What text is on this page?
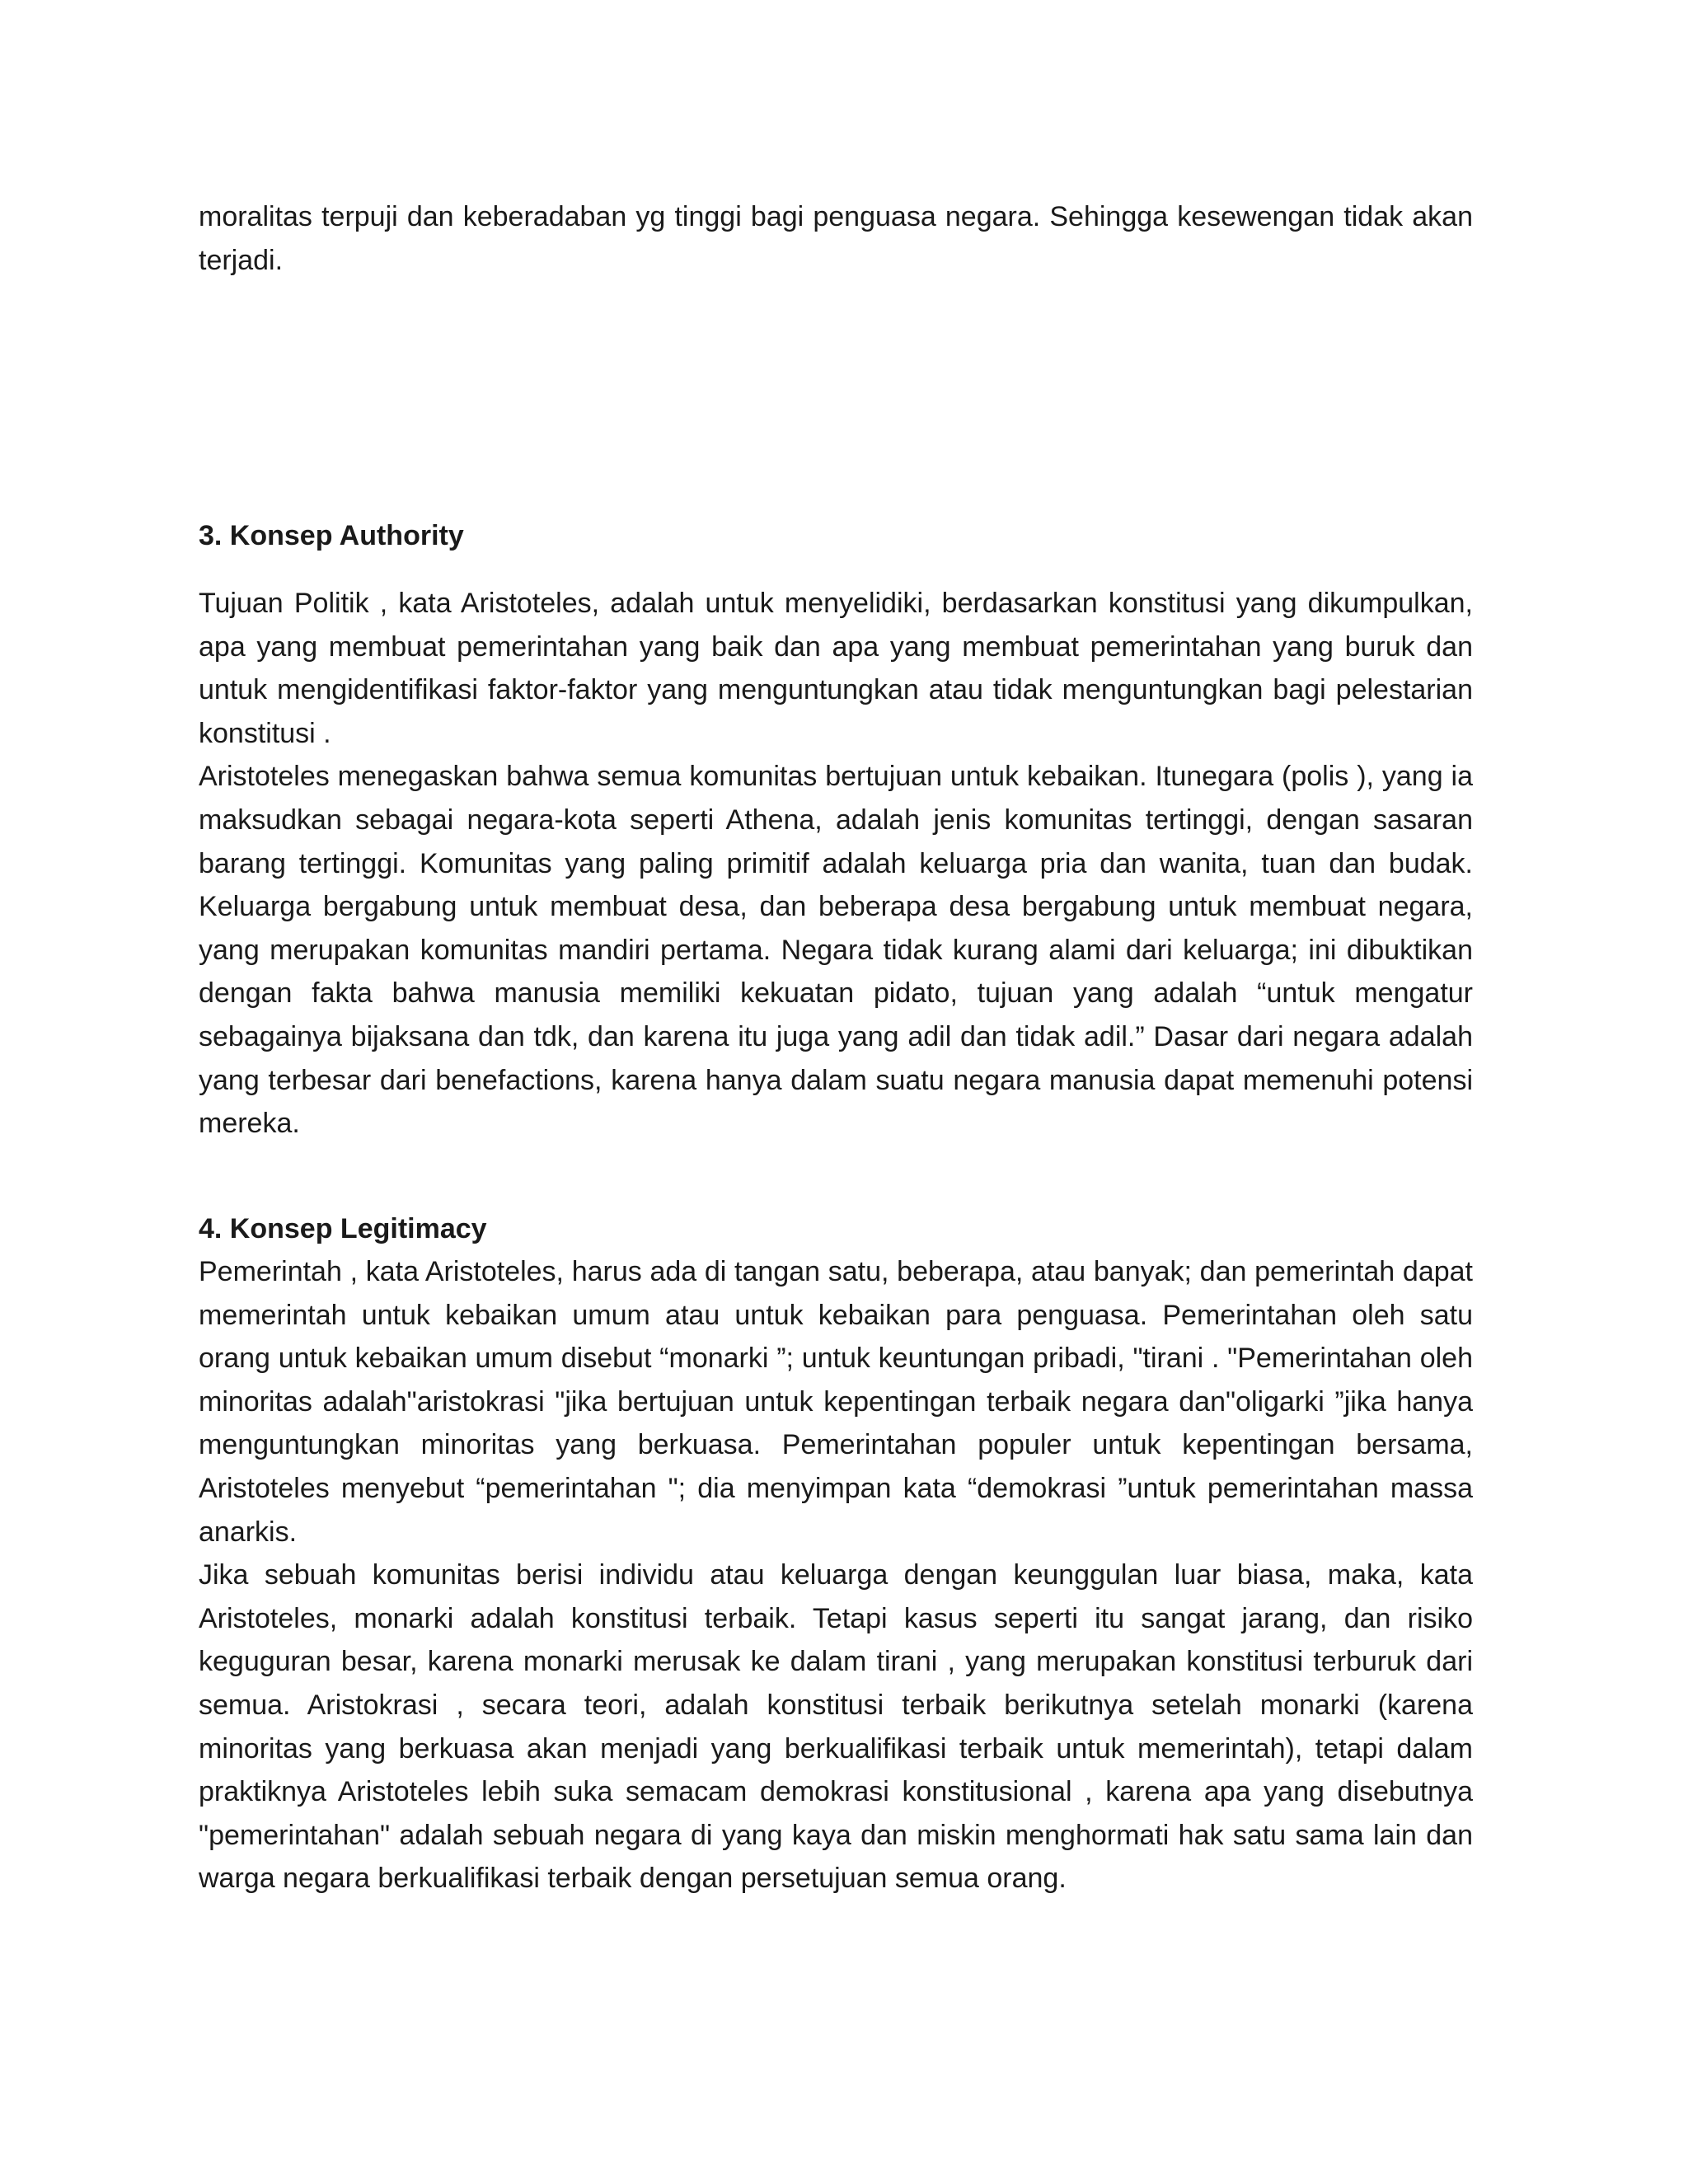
moralitas terpuji dan keberadaban yg tinggi bagi penguasa negara. Sehingga kesewengan tidak akan terjadi.

3. Konsep Authority

Tujuan Politik , kata Aristoteles, adalah untuk menyelidiki, berdasarkan konstitusi yang dikumpulkan, apa yang membuat pemerintahan yang baik dan apa yang membuat pemerintahan yang buruk dan untuk mengidentifikasi faktor-faktor yang menguntungkan atau tidak menguntungkan bagi pelestarian konstitusi .

Aristoteles menegaskan bahwa semua komunitas bertujuan untuk kebaikan. Itunegara (polis ), yang ia maksudkan sebagai negara-kota seperti Athena, adalah jenis komunitas tertinggi, dengan sasaran barang tertinggi. Komunitas yang paling primitif adalah keluarga pria dan wanita, tuan dan budak. Keluarga bergabung untuk membuat desa, dan beberapa desa bergabung untuk membuat negara, yang merupakan komunitas mandiri pertama. Negara tidak kurang alami dari keluarga; ini dibuktikan dengan fakta bahwa manusia memiliki kekuatan pidato, tujuan yang adalah “untuk mengatur sebagainya bijaksana dan tdk, dan karena itu juga yang adil dan tidak adil.” Dasar dari negara adalah yang terbesar dari benefactions, karena hanya dalam suatu negara manusia dapat memenuhi potensi mereka.

4. Konsep Legitimacy

Pemerintah , kata Aristoteles, harus ada di tangan satu, beberapa, atau banyak; dan pemerintah dapat memerintah untuk kebaikan umum atau untuk kebaikan para penguasa. Pemerintahan oleh satu orang untuk kebaikan umum disebut “monarki ”; untuk keuntungan pribadi, "tirani . "Pemerintahan oleh minoritas adalah"aristokrasi "jika bertujuan untuk kepentingan terbaik negara dan"oligarki ”jika hanya menguntungkan minoritas yang berkuasa. Pemerintahan populer untuk kepentingan bersama, Aristoteles menyebut “pemerintahan "; dia menyimpan kata “demokrasi ”untuk pemerintahan massa anarkis.

Jika sebuah komunitas berisi individu atau keluarga dengan keunggulan luar biasa, maka, kata Aristoteles, monarki adalah konstitusi terbaik. Tetapi kasus seperti itu sangat jarang, dan risiko keguguran besar, karena monarki merusak ke dalam tirani , yang merupakan konstitusi terburuk dari semua. Aristokrasi , secara teori, adalah konstitusi terbaik berikutnya setelah monarki (karena minoritas yang berkuasa akan menjadi yang berkualifikasi terbaik untuk memerintah), tetapi dalam praktiknya Aristoteles lebih suka semacam demokrasi konstitusional , karena apa yang disebutnya "pemerintahan" adalah sebuah negara di yang kaya dan miskin menghormati hak satu sama lain dan warga negara berkualifikasi terbaik dengan persetujuan semua orang.
